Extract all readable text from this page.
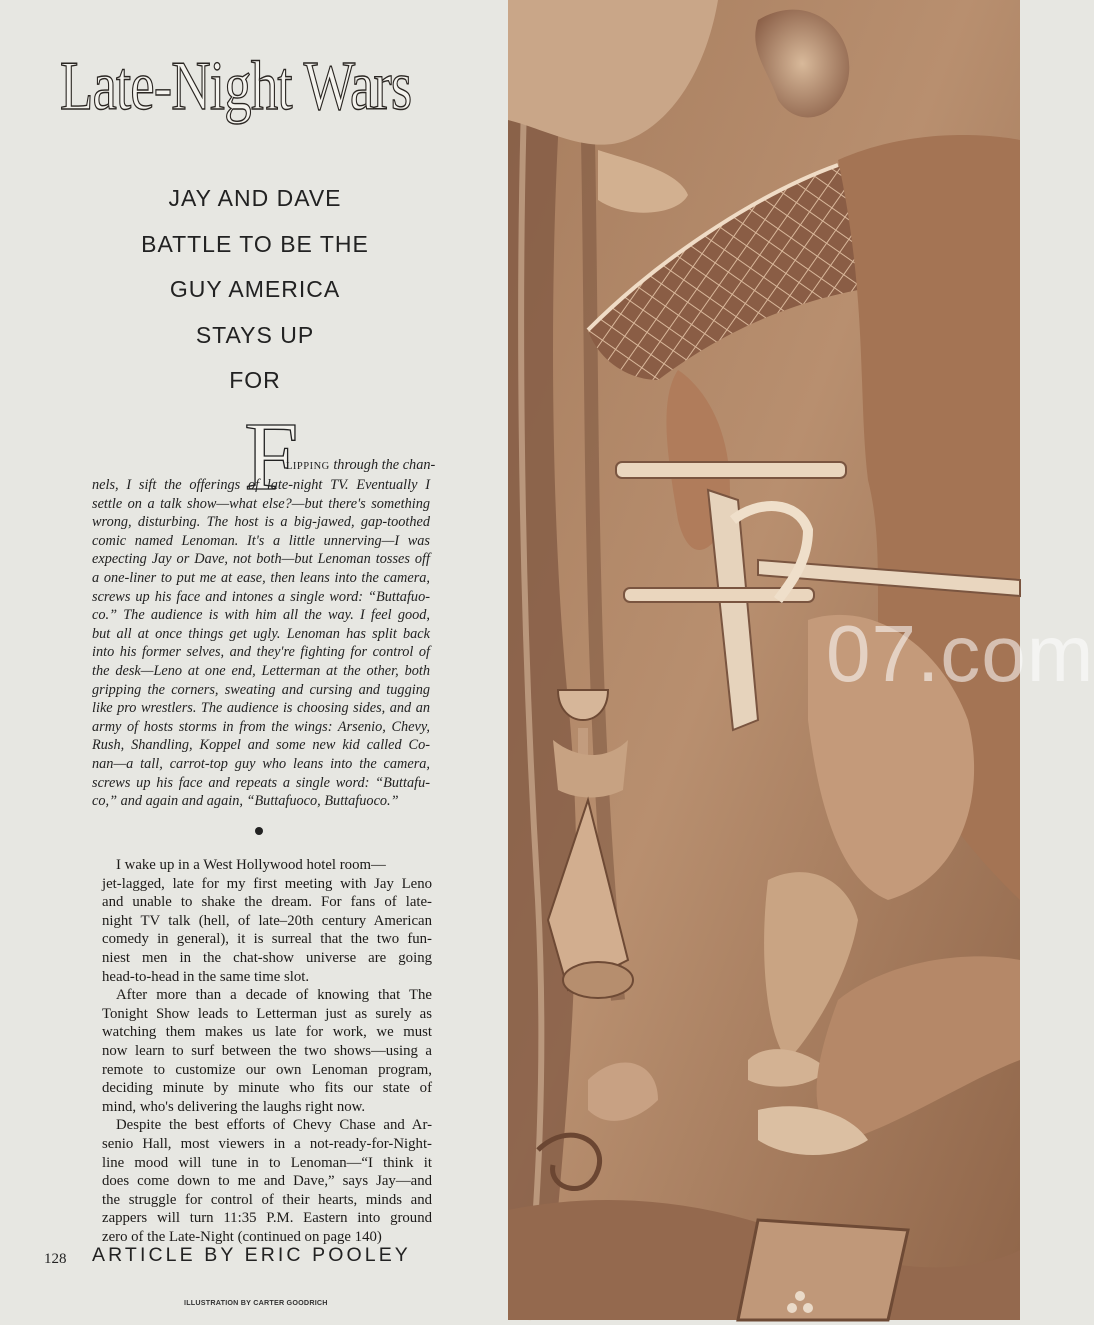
Late-Night Wars
JAY AND DAVE
BATTLE TO BE THE
GUY AMERICA
STAYS UP
FOR
F
LIPPING through the chan-
nels, I sift the offerings of late-night TV. Eventually I
settle on a talk show—what else?—but there's something
wrong, disturbing. The host is a big-jawed, gap-toothed
comic named Lenoman. It's a little unnerving—I was
expecting Jay or Dave, not both—but Lenoman tosses off
a one-liner to put me at ease, then leans into the camera,
screws up his face and intones a single word: “Buttafuo-
co.” The audience is with him all the way. I feel good,
but all at once things get ugly. Lenoman has split back
into his former selves, and they're fighting for control of
the desk—Leno at one end, Letterman at the other, both
gripping the corners, sweating and cursing and tugging
like pro wrestlers. The audience is choosing sides, and an
army of hosts storms in from the wings: Arsenio, Chevy,
Rush, Shandling, Koppel and some new kid called Co-
nan—a tall, carrot-top guy who leans into the camera,
screws up his face and repeats a single word: “Buttafu-
co,” and again and again, “Buttafuoco, Buttafuoco.”
I wake up in a West Hollywood hotel room—
jet-lagged, late for my first meeting with Jay Leno
and unable to shake the dream. For fans of late-
night TV talk (hell, of late–20th century American
comedy in general), it is surreal that the two fun-
niest men in the chat-show universe are going
head-to-head in the same time slot.
After more than a decade of knowing that The
Tonight Show leads to Letterman just as surely as
watching them makes us late for work, we must
now learn to surf between the two shows—using a
remote to customize our own Lenoman program,
deciding minute by minute who fits our state of
mind, who's delivering the laughs right now.
Despite the best efforts of Chevy Chase and Ar-
senio Hall, most viewers in a not-ready-for-Night-
line mood will tune in to Lenoman—“I think it
does come down to me and Dave,” says Jay—and
the struggle for control of their hearts, minds and
zappers will turn 11:35 P.M. Eastern into ground
zero of the Late-Night (continued on page 140)
128 ARTICLE BY ERIC POOLEY
ILLUSTRATION BY CARTER GOODRICH
07.com
